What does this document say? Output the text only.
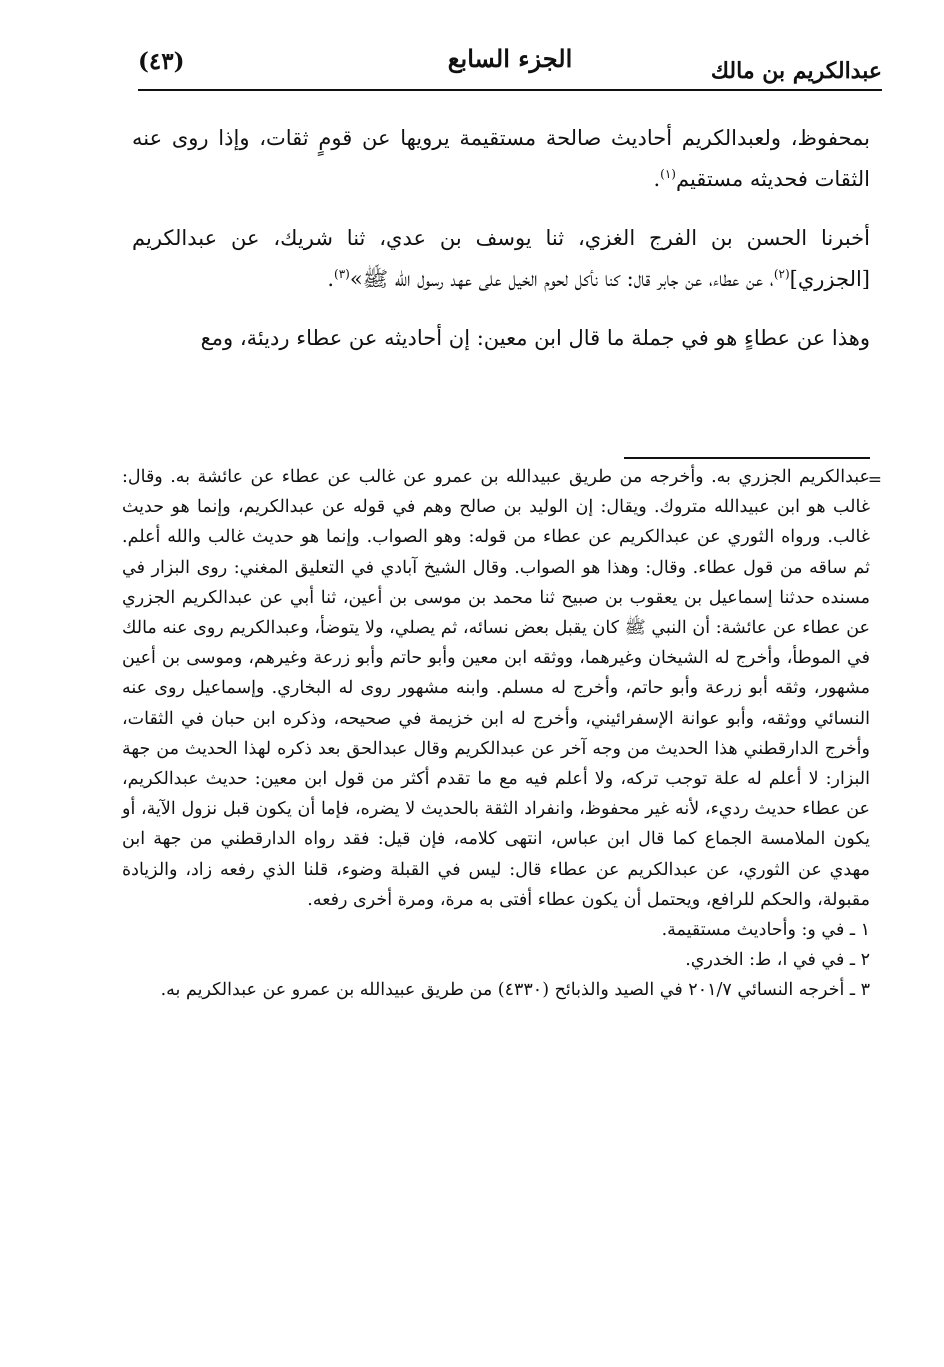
عبدالكريم بن مالك
الجزء السابع
(٤٣)

بمحفوظ، ولعبدالكريم أحاديث صالحة مستقيمة يرويها عن قومٍ ثقات، وإذا روى عنه الثقات فحديثه مستقيم$^{(١)}$.

أخبرنا الحسن بن الفرج الغزي، ثنا يوسف بن عدي، ثنا شريك، عن عبدالكريم [الجزري]$^{(٢)}$، عن عطاء، عن جابر قال: كنا نأكل لحوم الخيل على عهد رسول الله ﷺ»$^{(٣)}$.

وهذا عن عطاءٍ هو في جملة ما قال ابن معين: إن أحاديثه عن عطاء رديئة، ومع

=

عبدالكريم الجزري به. وأخرجه من طريق عبيدالله بن عمرو عن غالب عن عطاء عن عائشة به. وقال: غالب هو ابن عبيدالله متروك. ويقال: إن الوليد بن صالح وهم في قوله عن عبدالكريم، وإنما هو حديث غالب. ورواه الثوري عن عبدالكريم عن عطاء من قوله: وهو الصواب. وإنما هو حديث غالب والله أعلم. ثم ساقه من قول عطاء. وقال: وهذا هو الصواب. وقال الشيخ آبادي في التعليق المغني: روى البزار في مسنده حدثنا إسماعيل بن يعقوب بن صبيح ثنا محمد بن موسى بن أعين، ثنا أبي عن عبدالكريم الجزري عن عطاء عن عائشة: أن النبي ﷺ كان يقبل بعض نسائه، ثم يصلي، ولا يتوضأ، وعبدالكريم روى عنه مالك في الموطأ، وأخرج له الشيخان وغيرهما، ووثقه ابن معين وأبو حاتم وأبو زرعة وغيرهم، وموسى بن أعين مشهور، وثقه أبو زرعة وأبو حاتم، وأخرج له مسلم. وابنه مشهور روى له البخاري. وإسماعيل روى عنه النسائي ووثقه، وأبو عوانة الإسفرائيني، وأخرج له ابن خزيمة في صحيحه، وذكره ابن حبان في الثقات، وأخرج الدارقطني هذا الحديث من وجه آخر عن عبدالكريم وقال عبدالحق بعد ذكره لهذا الحديث من جهة البزار: لا أعلم له علة توجب تركه، ولا أعلم فيه مع ما تقدم أكثر من قول ابن معين: حديث عبدالكريم، عن عطاء حديث رديء، لأنه غير محفوظ، وانفراد الثقة بالحديث لا يضره، فإما أن يكون قبل نزول الآية، أو يكون الملامسة الجماع كما قال ابن عباس، انتهى كلامه، فإن قيل: فقد رواه الدارقطني من جهة ابن مهدي عن الثوري، عن عبدالكريم عن عطاء قال: ليس في القبلة وضوء، قلنا الذي رفعه زاد، والزيادة مقبولة، والحكم للرافع، ويحتمل أن يكون عطاء أفتى به مرة، ومرة أخرى رفعه.

١ ـ في و: وأحاديث مستقيمة.

٢ ـ في في ا، ط: الخدري.

٣ ـ أخرجه النسائي ٢٠١/٧ في الصيد والذبائح (٤٣٣٠) من طريق عبيدالله بن عمرو عن عبدالكريم به.
